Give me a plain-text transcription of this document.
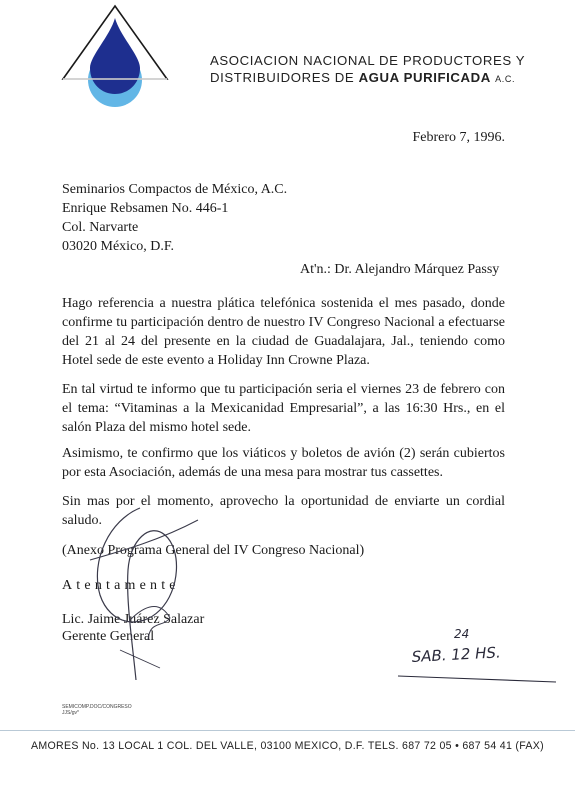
ASOCIACION NACIONAL DE PRODUCTORES Y
DISTRIBUIDORES DE AGUA PURIFICADA A.C.
Febrero 7, 1996.
Seminarios Compactos de México, A.C.
Enrique Rebsamen No. 446-1
Col. Narvarte
03020 México, D.F.
At'n.: Dr. Alejandro Márquez Passy

Hago referencia a nuestra plática telefónica sostenida el mes pasado, donde confirme tu participación dentro de nuestro IV Congreso Nacional a efectuarse del 21 al 24 del presente en la ciudad de Guadalajara, Jal., teniendo como Hotel sede de este evento a Holiday Inn Crowne Plaza.

En tal virtud te informo que tu participación seria el viernes 23 de febrero con el tema: “Vitaminas a la Mexicanidad Empresarial”, a las 16:30 Hrs., en el salón Plaza del mismo hotel sede.

Asimismo, te confirmo que los viáticos y boletos de avión (2) serán cubiertos por esta Asociación, además de una mesa para mostrar tus cassettes.

Sin mas por el momento, aprovecho la oportunidad de enviarte un cordial saludo.

(Anexo Programa General del IV Congreso Nacional)
Atentamente
Lic. Jaime Juárez Salazar
Gerente General	24
SAB. 12 HS.
SEMICOMP.DOC/CONGRESO
JJS/gv*
AMORES No. 13 LOCAL 1 COL. DEL VALLE, 03100 MEXICO, D.F. TELS. 687 72 05 • 687 54 41 (FAX)
